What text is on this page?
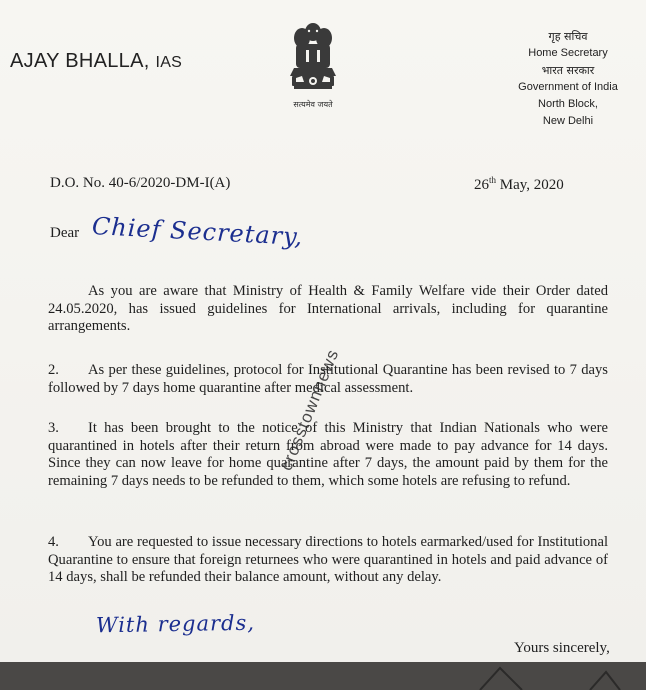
AJAY BHALLA, IAS
सत्यमेव जयते
गृह सचिव
Home Secretary
भारत सरकार
Government of India
North Block,
New Delhi
D.O. No. 40-6/2020-DM-I(A)	26th May, 2020
Dear Chief Secretary,

As you are aware that Ministry of Health & Family Welfare vide their Order dated 24.05.2020, has issued guidelines for International arrivals, including for quarantine arrangements.

2. As per these guidelines, protocol for Institutional Quarantine has been revised to 7 days followed by 7 days home quarantine after medical assessment.

3. It has been brought to the notice of this Ministry that Indian Nationals who were quarantined in hotels after their return from abroad were made to pay advance for 14 days. Since they can now leave for home quarantine after 7 days, the amount paid by them for the remaining 7 days needs to be refunded to them, which some hotels are refusing to refund.

4. You are requested to issue necessary directions to hotels earmarked/used for Institutional Quarantine to ensure that foreign returnees who were quarantined in hotels and paid advance of 14 days, shall be refunded their balance amount, without any delay.

With regards,
Yours sincerely,
crosstownnews
